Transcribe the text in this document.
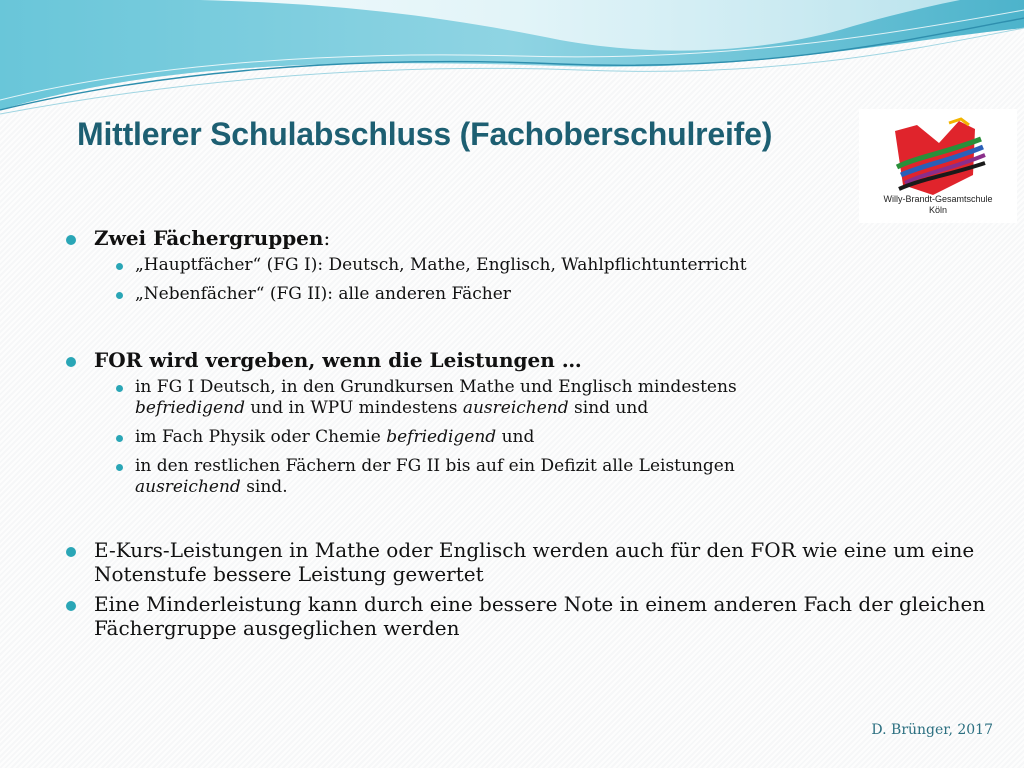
Mittlerer Schulabschluss (Fachoberschulreife)
Willy-Brandt-Gesamtschule
Köln
Zwei Fächergruppen:
„Hauptfächer“ (FG I): Deutsch, Mathe, Englisch, Wahlpflichtunterricht
„Nebenfächer“ (FG II): alle anderen Fächer
FOR wird vergeben, wenn die Leistungen …
in FG I Deutsch, in den Grundkursen Mathe und Englisch mindestens
befriedigend und in WPU mindestens ausreichend sind und
im Fach Physik oder Chemie befriedigend und
in den restlichen Fächern der FG II bis auf ein Defizit alle Leistungen
ausreichend sind.
E-Kurs-Leistungen in Mathe oder Englisch werden auch für den FOR wie eine um eine Notenstufe bessere Leistung gewertet
Eine Minderleistung kann durch eine bessere Note in einem anderen Fach der gleichen Fächergruppe ausgeglichen werden
D. Brünger, 2017
